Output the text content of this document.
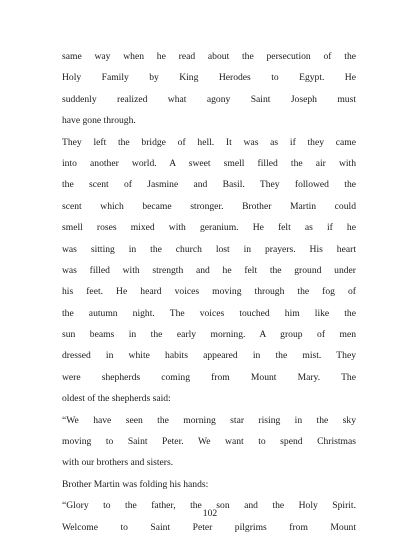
same way when he read about the persecution of the
Holy Family by King Herodes to Egypt. He
suddenly realized what agony Saint Joseph must
have gone through.
They left the bridge of hell. It was as if they came
into another world. A sweet smell filled the air with
the scent of Jasmine and Basil. They followed the
scent which became stronger. Brother Martin could
smell roses mixed with geranium. He felt as if he
was sitting in the church lost in prayers. His heart
was filled with strength and he felt the ground under
his feet. He heard voices moving through the fog of
the autumn night. The voices touched him like the
sun beams in the early morning. A group of men
dressed in white habits appeared in the mist. They
were shepherds coming from Mount Mary. The
oldest of the shepherds said:
“We have seen the morning star rising in the sky
moving to Saint Peter. We want to spend Christmas
with our brothers and sisters.
Brother Martin was folding his hands:
“Glory to the father, the son and the Holy Spirit.
Welcome to Saint Peter pilgrims from Mount
102
